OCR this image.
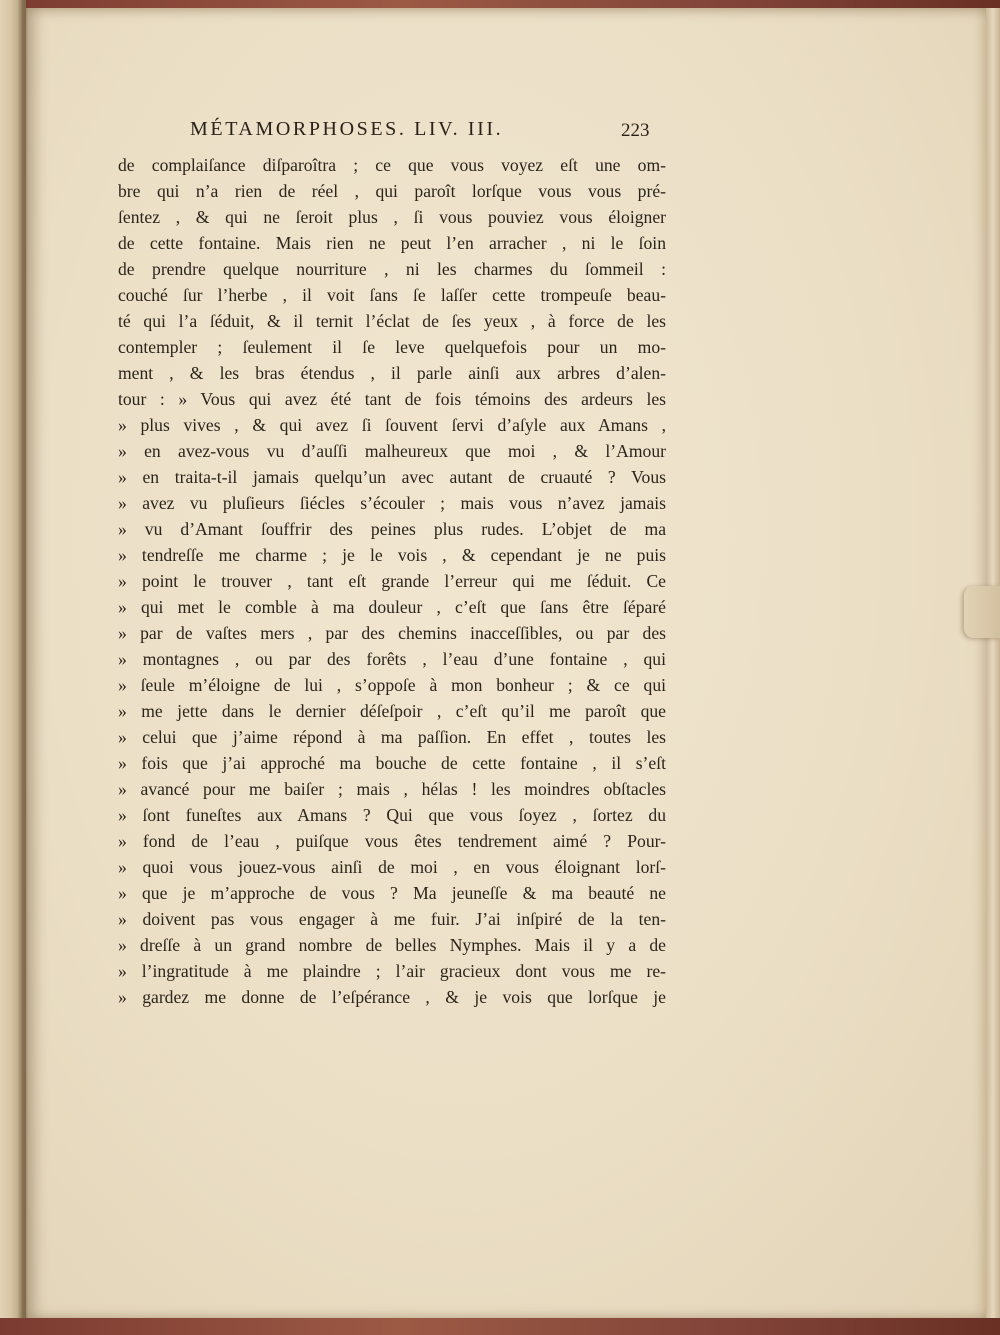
MÉTAMORPHOSES. LIV. III.	223
de complaiſance diſparoîtra ; ce que vous voyez eſt une om-
bre qui n’a rien de réel , qui paroît lorſque vous vous pré-
ſentez , & qui ne ſeroit plus , ſi vous pouviez vous éloigner
de cette fontaine. Mais rien ne peut l’en arracher , ni le ſoin
de prendre quelque nourriture , ni les charmes du ſommeil :
couché ſur l’herbe , il voit ſans ſe laſſer cette trompeuſe beau-
té qui l’a ſéduit, & il ternit l’éclat de ſes yeux , à force de les
contempler ; ſeulement il ſe leve quelquefois pour un mo-
ment , & les bras étendus , il parle ainſi aux arbres d’alen-
tour : » Vous qui avez été tant de fois témoins des ardeurs les
» plus vives , & qui avez ſi ſouvent ſervi d’aſyle aux Amans ,
» en avez-vous vu d’auſſi malheureux que moi , & l’Amour
» en traita-t-il jamais quelqu’un avec autant de cruauté ? Vous
» avez vu pluſieurs ſiécles s’écouler ; mais vous n’avez jamais
» vu d’Amant ſouffrir des peines plus rudes. L’objet de ma
» tendreſſe me charme ; je le vois , & cependant je ne puis
» point le trouver , tant eſt grande l’erreur qui me ſéduit. Ce
» qui met le comble à ma douleur , c’eſt que ſans être ſéparé
» par de vaſtes mers , par des chemins inacceſſibles, ou par des
» montagnes , ou par des forêts , l’eau d’une fontaine , qui
» ſeule m’éloigne de lui , s’oppoſe à mon bonheur ; & ce qui
» me jette dans le dernier déſeſpoir , c’eſt qu’il me paroît que
» celui que j’aime répond à ma paſſion. En effet , toutes les
» fois que j’ai approché ma bouche de cette fontaine , il s’eſt
» avancé pour me baiſer ; mais , hélas ! les moindres obſtacles
» ſont funeſtes aux Amans ? Qui que vous ſoyez , ſortez du
» fond de l’eau , puiſque vous êtes tendrement aimé ? Pour-
» quoi vous jouez-vous ainſi de moi , en vous éloignant lorſ-
» que je m’approche de vous ? Ma jeuneſſe & ma beauté ne
» doivent pas vous engager à me fuir. J’ai inſpiré de la ten-
» dreſſe à un grand nombre de belles Nymphes. Mais il y a de
» l’ingratitude à me plaindre ; l’air gracieux dont vous me re-
» gardez me donne de l’eſpérance , & je vois que lorſque je
